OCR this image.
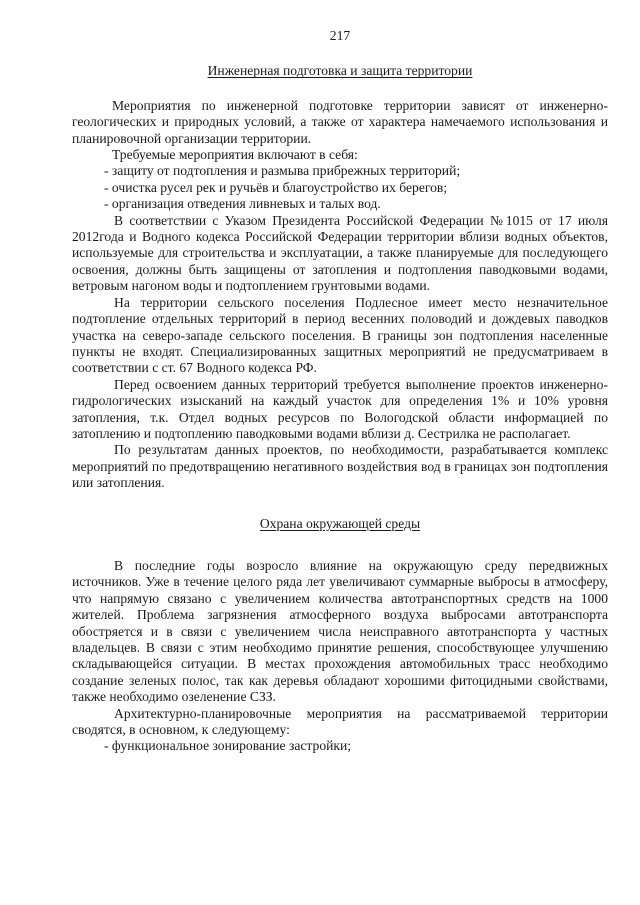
217
Инженерная подготовка и защита территории

Мероприятия по инженерной подготовке территории зависят от инженерно-геологических и природных условий, а также от характера намечаемого использования и планировочной организации территории.

Требуемые мероприятия включают в себя:

- защиту от подтопления и размыва прибрежных территорий;
- очистка русел рек и ручьёв и благоустройство их берегов;
- организация отведения ливневых и талых вод.

В соответствии с Указом Президента Российской Федерации №1015 от 17 июля 2012года и Водного кодекса Российской Федерации территории вблизи водных объектов, используемые для строительства и эксплуатации, а также планируемые для последующего освоения, должны быть защищены от затопления и подтопления паводковыми водами, ветровым нагоном воды и подтоплением грунтовыми водами.

На территории сельского поселения Подлесное имеет место незначительное подтопление отдельных территорий в период весенних половодий и дождевых паводков участка на северо-западе сельского поселения. В границы зон подтопления населенные пункты не входят. Специализированных защитных мероприятий не предусматриваем в соответствии с ст. 67 Водного кодекса РФ.

Перед освоением данных территорий требуется выполнение проектов инженерно-гидрологических изысканий на каждый участок для определения 1% и 10% уровня затопления, т.к. Отдел водных ресурсов по Вологодской области информацией по затоплению и подтоплению паводковыми водами вблизи д. Сестрилка не располагает.

По результатам данных проектов, по необходимости, разрабатывается комплекс мероприятий по предотвращению негативного воздействия вод в границах зон подтопления или затопления.

Охрана окружающей среды

В последние годы возросло влияние на окружающую среду передвижных источников. Уже в течение целого ряда лет увеличивают суммарные выбросы в атмосферу, что напрямую связано с увеличением количества автотранспортных средств на 1000 жителей. Проблема загрязнения атмосферного воздуха выбросами автотранспорта обостряется и в связи с увеличением числа неисправного автотранспорта у частных владельцев. В связи с этим необходимо принятие решения, способствующее улучшению складывающейся ситуации. В местах прохождения автомобильных трасс необходимо создание зеленых полос, так как деревья обладают хорошими фитоцидными свойствами, также необходимо озеленение СЗЗ.

Архитектурно-планировочные мероприятия на рассматриваемой территории сводятся, в основном, к следующему:

- функциональное зонирование застройки;
